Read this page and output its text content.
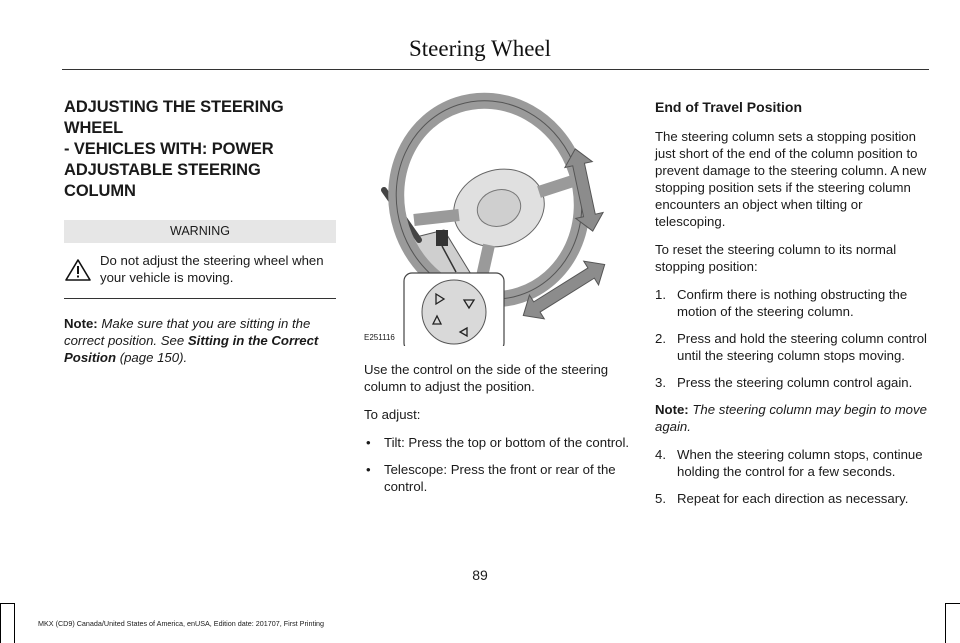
Steering Wheel
ADJUSTING THE STEERING WHEEL
- VEHICLES WITH: POWER
ADJUSTABLE STEERING COLUMN
WARNING
Do not adjust the steering wheel when your vehicle is moving.

Note: Make sure that you are sitting in the correct position. See Sitting in the Correct Position (page 150).

E251116

Use the control on the side of the steering column to adjust the position.

To adjust:

•	Tilt: Press the top or bottom of the control.
•	Telescope: Press the front or rear of the control.
End of Travel Position

The steering column sets a stopping position just short of the end of the column position to prevent damage to the steering column. A new stopping position sets if the steering column encounters an object when tilting or telescoping.

To reset the steering column to its normal stopping position:

1. Confirm there is nothing obstructing the motion of the steering column.
2. Press and hold the steering column control until the steering column stops moving.
3. Press the steering column control again.

Note: The steering column may begin to move again.

4. When the steering column stops, continue holding the control for a few seconds.
5. Repeat for each direction as necessary.
89
MKX (CD9) Canada/United States of America, enUSA, Edition date: 201707, First Printing
